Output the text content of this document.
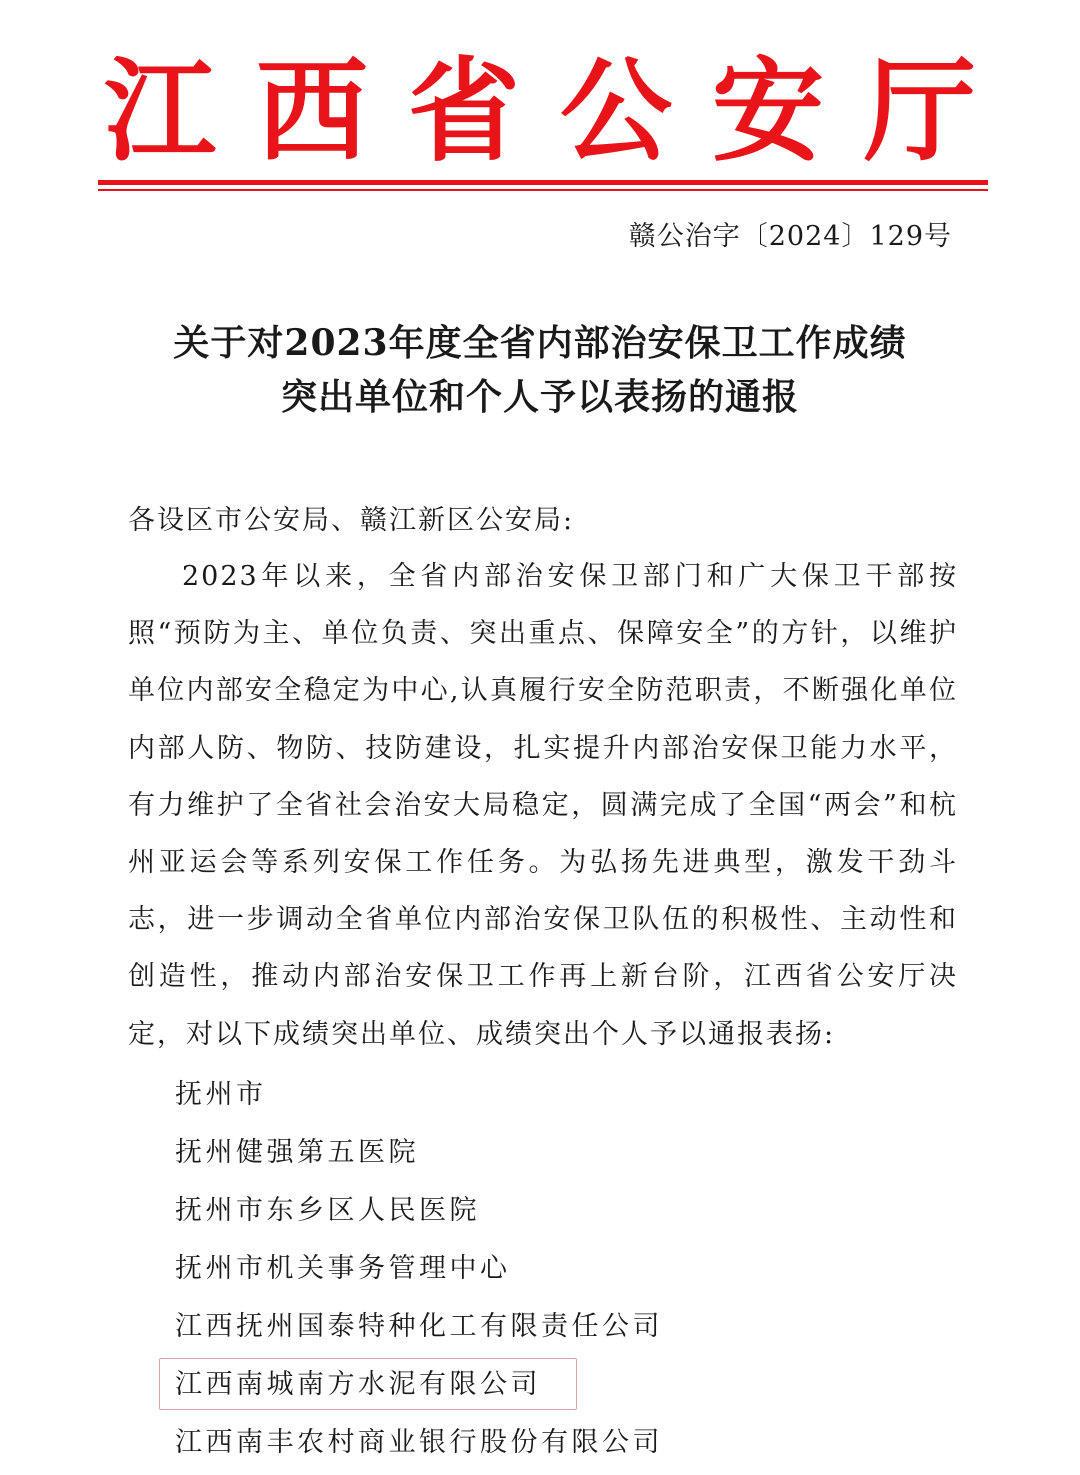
江西省公安厅
赣公治字〔2024〕129号
关于对2023年度全省内部治安保卫工作成绩
突出单位和个人予以表扬的通报
各设区市公安局、赣江新区公安局:
2023年以来，全省内部治安保卫部门和广大保卫干部按照“预防为主、单位负责、突出重点、保障安全”的方针，以维护单位内部安全稳定为中心,认真履行安全防范职责，不断强化单位内部人防、物防、技防建设，扎实提升内部治安保卫能力水平，有力维护了全省社会治安大局稳定，圆满完成了全国“两会”和杭州亚运会等系列安保工作任务。为弘扬先进典型，激发干劲斗志，进一步调动全省单位内部治安保卫队伍的积极性、主动性和创造性，推动内部治安保卫工作再上新台阶，江西省公安厅决定，对以下成绩突出单位、成绩突出个人予以通报表扬:
抚州市
抚州健强第五医院
抚州市东乡区人民医院
抚州市机关事务管理中心
江西抚州国泰特种化工有限责任公司
江西南城南方水泥有限公司
江西南丰农村商业银行股份有限公司
